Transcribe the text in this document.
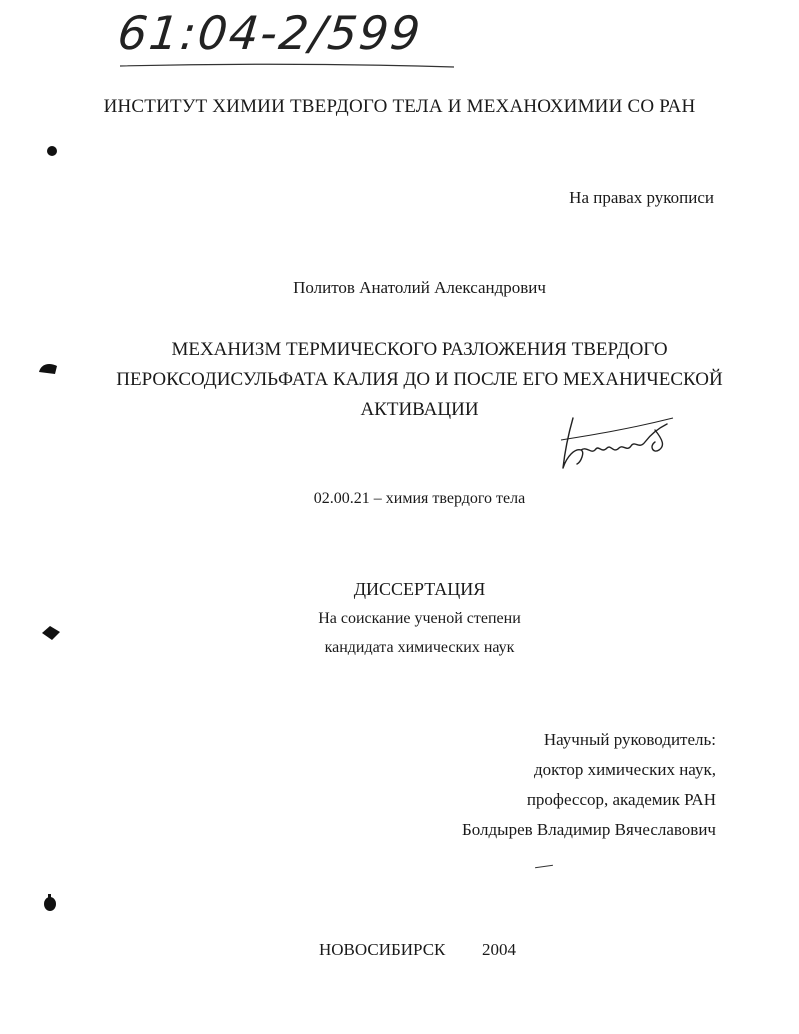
61:04-2/599
ИНСТИТУТ ХИМИИ ТВЕРДОГО ТЕЛА И МЕХАНОХИМИИ СО РАН
На правах рукописи
Политов Анатолий Александрович
МЕХАНИЗМ ТЕРМИЧЕСКОГО РАЗЛОЖЕНИЯ ТВЕРДОГО
ПЕРОКСОДИСУЛЬФАТА КАЛИЯ ДО И ПОСЛЕ ЕГО МЕХАНИЧЕСКОЙ
АКТИВАЦИИ
02.00.21 – химия твердого тела
ДИССЕРТАЦИЯ
На соискание ученой степени
кандидата химических наук
Научный руководитель:
доктор химических наук,
профессор, академик РАН
Болдырев Владимир Вячеславович
НОВОСИБИРСК 2004
